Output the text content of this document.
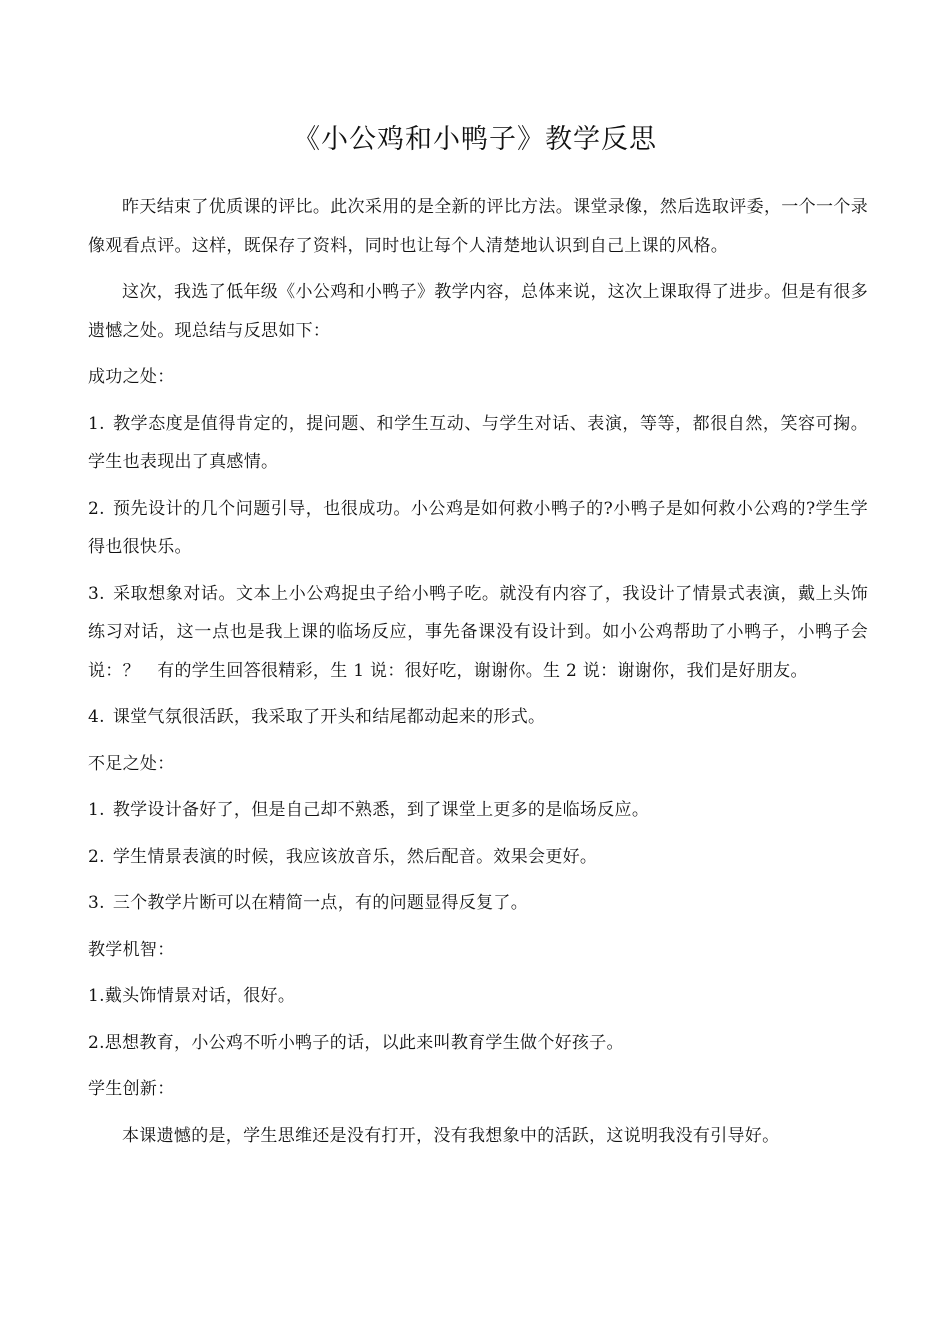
《小公鸡和小鸭子》教学反思

昨天结束了优质课的评比。此次采用的是全新的评比方法。课堂录像，然后选取评委，一个一个录像观看点评。这样，既保存了资料，同时也让每个人清楚地认识到自己上课的风格。

这次，我选了低年级《小公鸡和小鸭子》教学内容，总体来说，这次上课取得了进步。但是有很多遗憾之处。现总结与反思如下：

成功之处：

1. 教学态度是值得肯定的，提问题、和学生互动、与学生对话、表演，等等，都很自然，笑容可掬。学生也表现出了真感情。

2. 预先设计的几个问题引导，也很成功。小公鸡是如何救小鸭子的?小鸭子是如何救小公鸡的?学生学得也很快乐。

3. 采取想象对话。文本上小公鸡捉虫子给小鸭子吃。就没有内容了，我设计了情景式表演，戴上头饰练习对话，这一点也是我上课的临场反应，事先备课没有设计到。如小公鸡帮助了小鸭子，小鸭子会说：？　有的学生回答很精彩，生 1 说：很好吃，谢谢你。生 2 说：谢谢你，我们是好朋友。

4. 课堂气氛很活跃，我采取了开头和结尾都动起来的形式。

不足之处：

1. 教学设计备好了，但是自己却不熟悉，到了课堂上更多的是临场反应。

2. 学生情景表演的时候，我应该放音乐，然后配音。效果会更好。

3. 三个教学片断可以在精简一点，有的问题显得反复了。

教学机智：

1.戴头饰情景对话，很好。

2.思想教育，小公鸡不听小鸭子的话，以此来叫教育学生做个好孩子。

学生创新：

本课遗憾的是，学生思维还是没有打开，没有我想象中的活跃，这说明我没有引导好。
